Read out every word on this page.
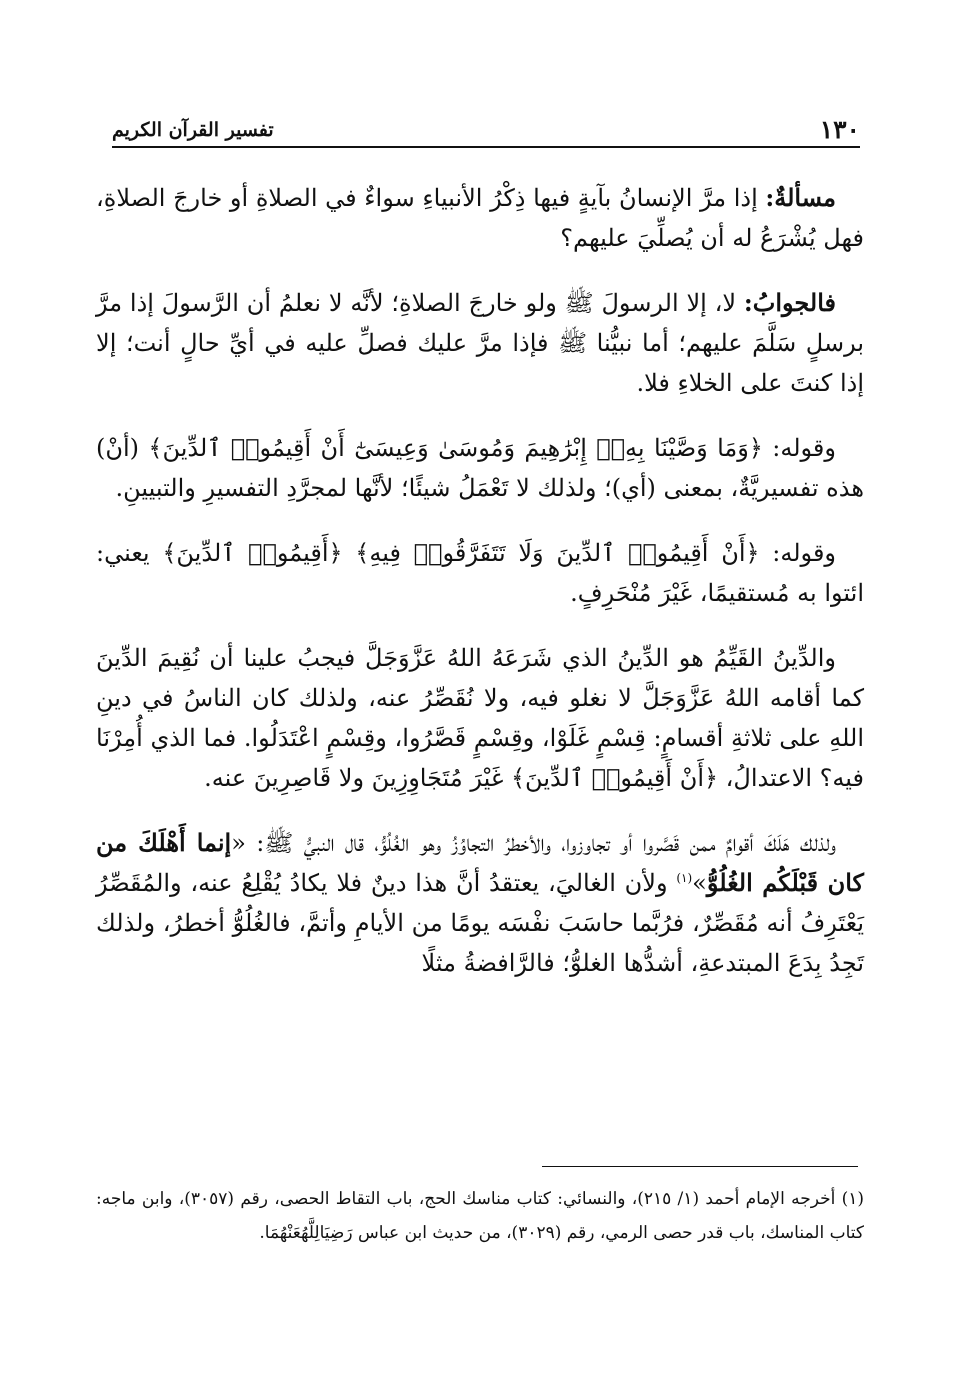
١٣٠
تفسير القرآن الكريم

مسألةٌ: إذا مرَّ الإنسانُ بآيةٍ فيها ذِكْرُ الأنبياءِ سواءٌ في الصلاةِ أو خارجَ الصلاةِ، فهل يُشْرَعُ له أن يُصلِّيَ عليهم؟

فالجوابُ: لا، إلا الرسولَ ﷺ ولو خارجَ الصلاةِ؛ لأنَّه لا نعلمُ أن الرَّسولَ إذا مرَّ برسلٍ سَلَّمَ عليهم؛ أما نبيُّنا ﷺ فإذا مرَّ عليك فصلِّ عليه في أيِّ حالٍ أنت؛ إلا إذا كنتَ على الخلاءِ فلا.

وقوله: ﴿وَمَا وَصَّيْنَا بِهِۦٓ إِبْرَٰهِيمَ وَمُوسَىٰ وَعِيسَىٰٓ أَنْ أَقِيمُوا۟ ٱلدِّينَ﴾ (أنْ) هذه تفسيريَّةٌ، بمعنى (أي)؛ ولذلك لا تَعْمَلُ شيئًا؛ لأنَّها لمجرَّدِ التفسيرِ والتبيينِ.

وقوله: ﴿أَنْ أَقِيمُوا۟ ٱلدِّينَ وَلَا تَتَفَرَّقُوا۟ فِيهِ﴾ ﴿أَقِيمُوا۟ ٱلدِّينَ﴾ يعني: ائتوا به مُستقيمًا، غَيْرَ مُنْحَرِفٍ.

والدِّينُ القَيِّمُ هو الدِّينُ الذي شَرَعَهُ اللهُ عَزَّوَجَلَّ فيجبُ علينا أن نُقِيمَ الدِّينَ كما أقامه اللهُ عَزَّوَجَلَّ لا نغلو فيه، ولا نُقَصِّرُ عنه، ولذلك كان الناسُ في دينِ اللهِ على ثلاثةِ أقسامٍ: قِسْمٍ غَلَوْا، وقِسْمٍ قَصَّرُوا، وقِسْمٍ اعْتَدَلُوا. فما الذي أُمِرْنَا فيه؟ الاعتدالُ، ﴿أَنْ أَقِيمُوا۟ ٱلدِّينَ﴾ غَيْرَ مُتَجَاوِزِينَ ولا قَاصِرِينَ عنه.

ولذلك هَلَكَ أقوامٌ ممن قَصَّروا أو تجاوزوا، والأخطرُ التجاوُزُ وهو الغُلُوُّ، قال النبيُّ ﷺ: «إنما أَهْلَكَ من كان قَبْلَكُم الغُلُوُّ»$^{(١)}$ ولأن الغاليَ، يعتقدُ أنَّ هذا دينٌ فلا يكادُ يُقْلِعُ عنه، والمُقَصِّرُ يَعْتَرِفُ أنه مُقَصِّرٌ، فرُبَّما حاسَبَ نفْسَه يومًا من الأيامِ وأتمَّ، فالغُلُوُّ أخطرُ، ولذلك تَجِدُ بِدَعَ المبتدعةِ، أشدُّها الغلوُّ؛ فالرَّافضةُ مثلًا

(١) أخرجه الإمام أحمد (١/ ٢١٥)، والنسائي: كتاب مناسك الحج، باب التقاط الحصى، رقم (٣٠٥٧)، وابن ماجه: كتاب المناسك، باب قدر حصى الرمي، رقم (٣٠٢٩)، من حديث ابن عباس رَضِيَالِلَّهُعَنْهُمَا.
